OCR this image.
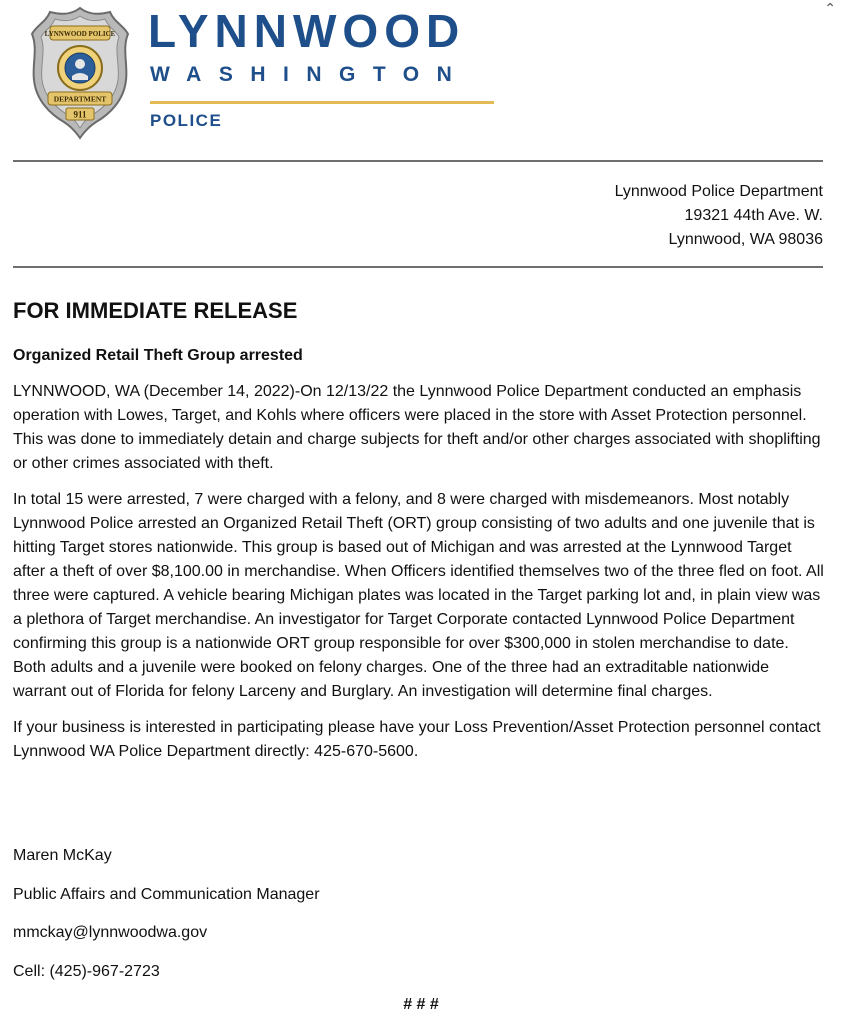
LYNNWOOD POLICE
DEPARTMENT
911
LYNNWOOD
WASHINGTON
POLICE
⌃
Lynnwood Police Department
19321 44th Ave. W.
Lynnwood, WA 98036
FOR IMMEDIATE RELEASE
Organized Retail Theft Group arrested

LYNNWOOD, WA (December 14, 2022)-On 12/13/22 the Lynnwood Police Department conducted an emphasis operation with Lowes, Target, and Kohls where officers were placed in the store with Asset Protection personnel. This was done to immediately detain and charge subjects for theft and/or other charges associated with shoplifting or other crimes associated with theft.

In total 15 were arrested, 7 were charged with a felony, and 8 were charged with misdemeanors. Most notably Lynnwood Police arrested an Organized Retail Theft (ORT) group consisting of two adults and one juvenile that is hitting Target stores nationwide. This group is based out of Michigan and was arrested at the Lynnwood Target after a theft of over $8,100.00 in merchandise. When Officers identified themselves two of the three fled on foot. All three were captured. A vehicle bearing Michigan plates was located in the Target parking lot and, in plain view was a plethora of Target merchandise. An investigator for Target Corporate contacted Lynnwood Police Department confirming this group is a nationwide ORT group responsible for over $300,000 in stolen merchandise to date. Both adults and a juvenile were booked on felony charges. One of the three had an extraditable nationwide warrant out of Florida for felony Larceny and Burglary. An investigation will determine final charges.

If your business is interested in participating please have your Loss Prevention/Asset Protection personnel contact Lynnwood WA Police Department directly: 425-670-5600.

Maren McKay
Public Affairs and Communication Manager
mmckay@lynnwoodwa.gov
Cell: (425)-967-2723
# # #
